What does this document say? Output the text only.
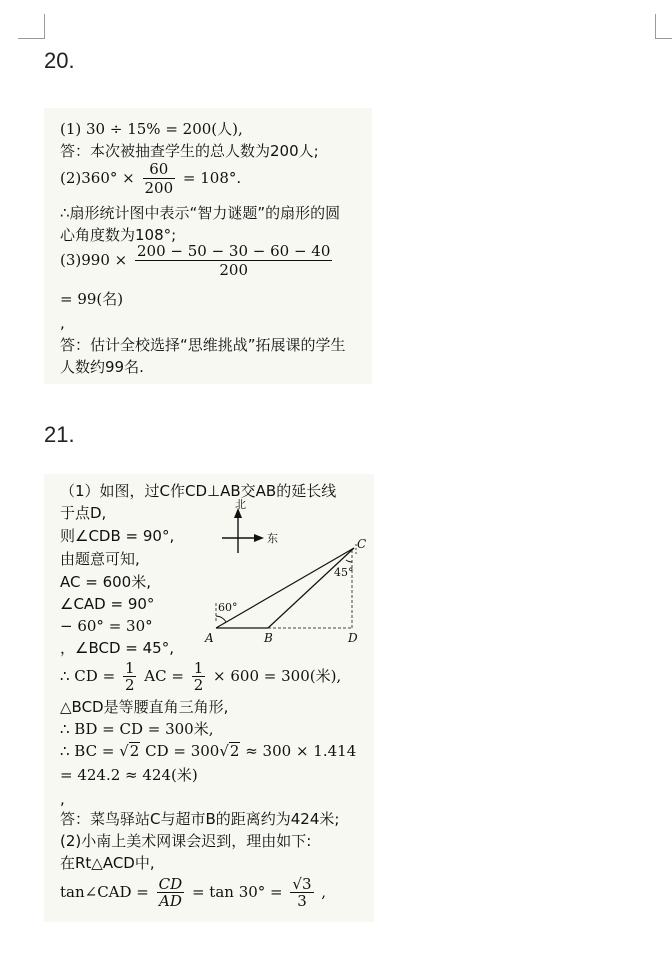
20.
(1) 30 ÷ 15% = 200(人),
答：本次被抽查学生的总人数为200人;
$(2)360^\circ \times \frac{60}{200} = 108^\circ$.
∴扇形统计图中表示“智力谜题”的扇形的圆
心角度数为108°;
$(3)990 \times \frac{200 - 50 - 30 - 60 - 40}{200}$
= 99(名)
,
答：估计全校选择“思维挑战”拓展课的学生
人数约99名.
21.
（1）如图，过C作CD⊥AB交AB的延长线
于点D,
则∠CDB = 90°,
由题意可知,
AC = 600米,
∠CAD = 90°
− 60° = 30°
，∠BCD = 45°,
北
东
60°
45°
A	B
C
D
∴ CD = $\frac{1}{2}$ AC = $\frac{1}{2} \times 600 = 300$(米),
△BCD是等腰直角三角形,
∴ BD = CD = 300米,
∴ BC = √2 CD = 300√2 ≈ 300 × 1.414
= 424.2 ≈ 424(米)
,
答：菜鸟驿站C与超市B的距离约为424米;
(2)小南上美术网课会迟到，理由如下:
在Rt△ACD中,
tan∠CAD = $\frac{CD}{AD} = \tan 30^\circ = \frac{√3}{3}$ ,
